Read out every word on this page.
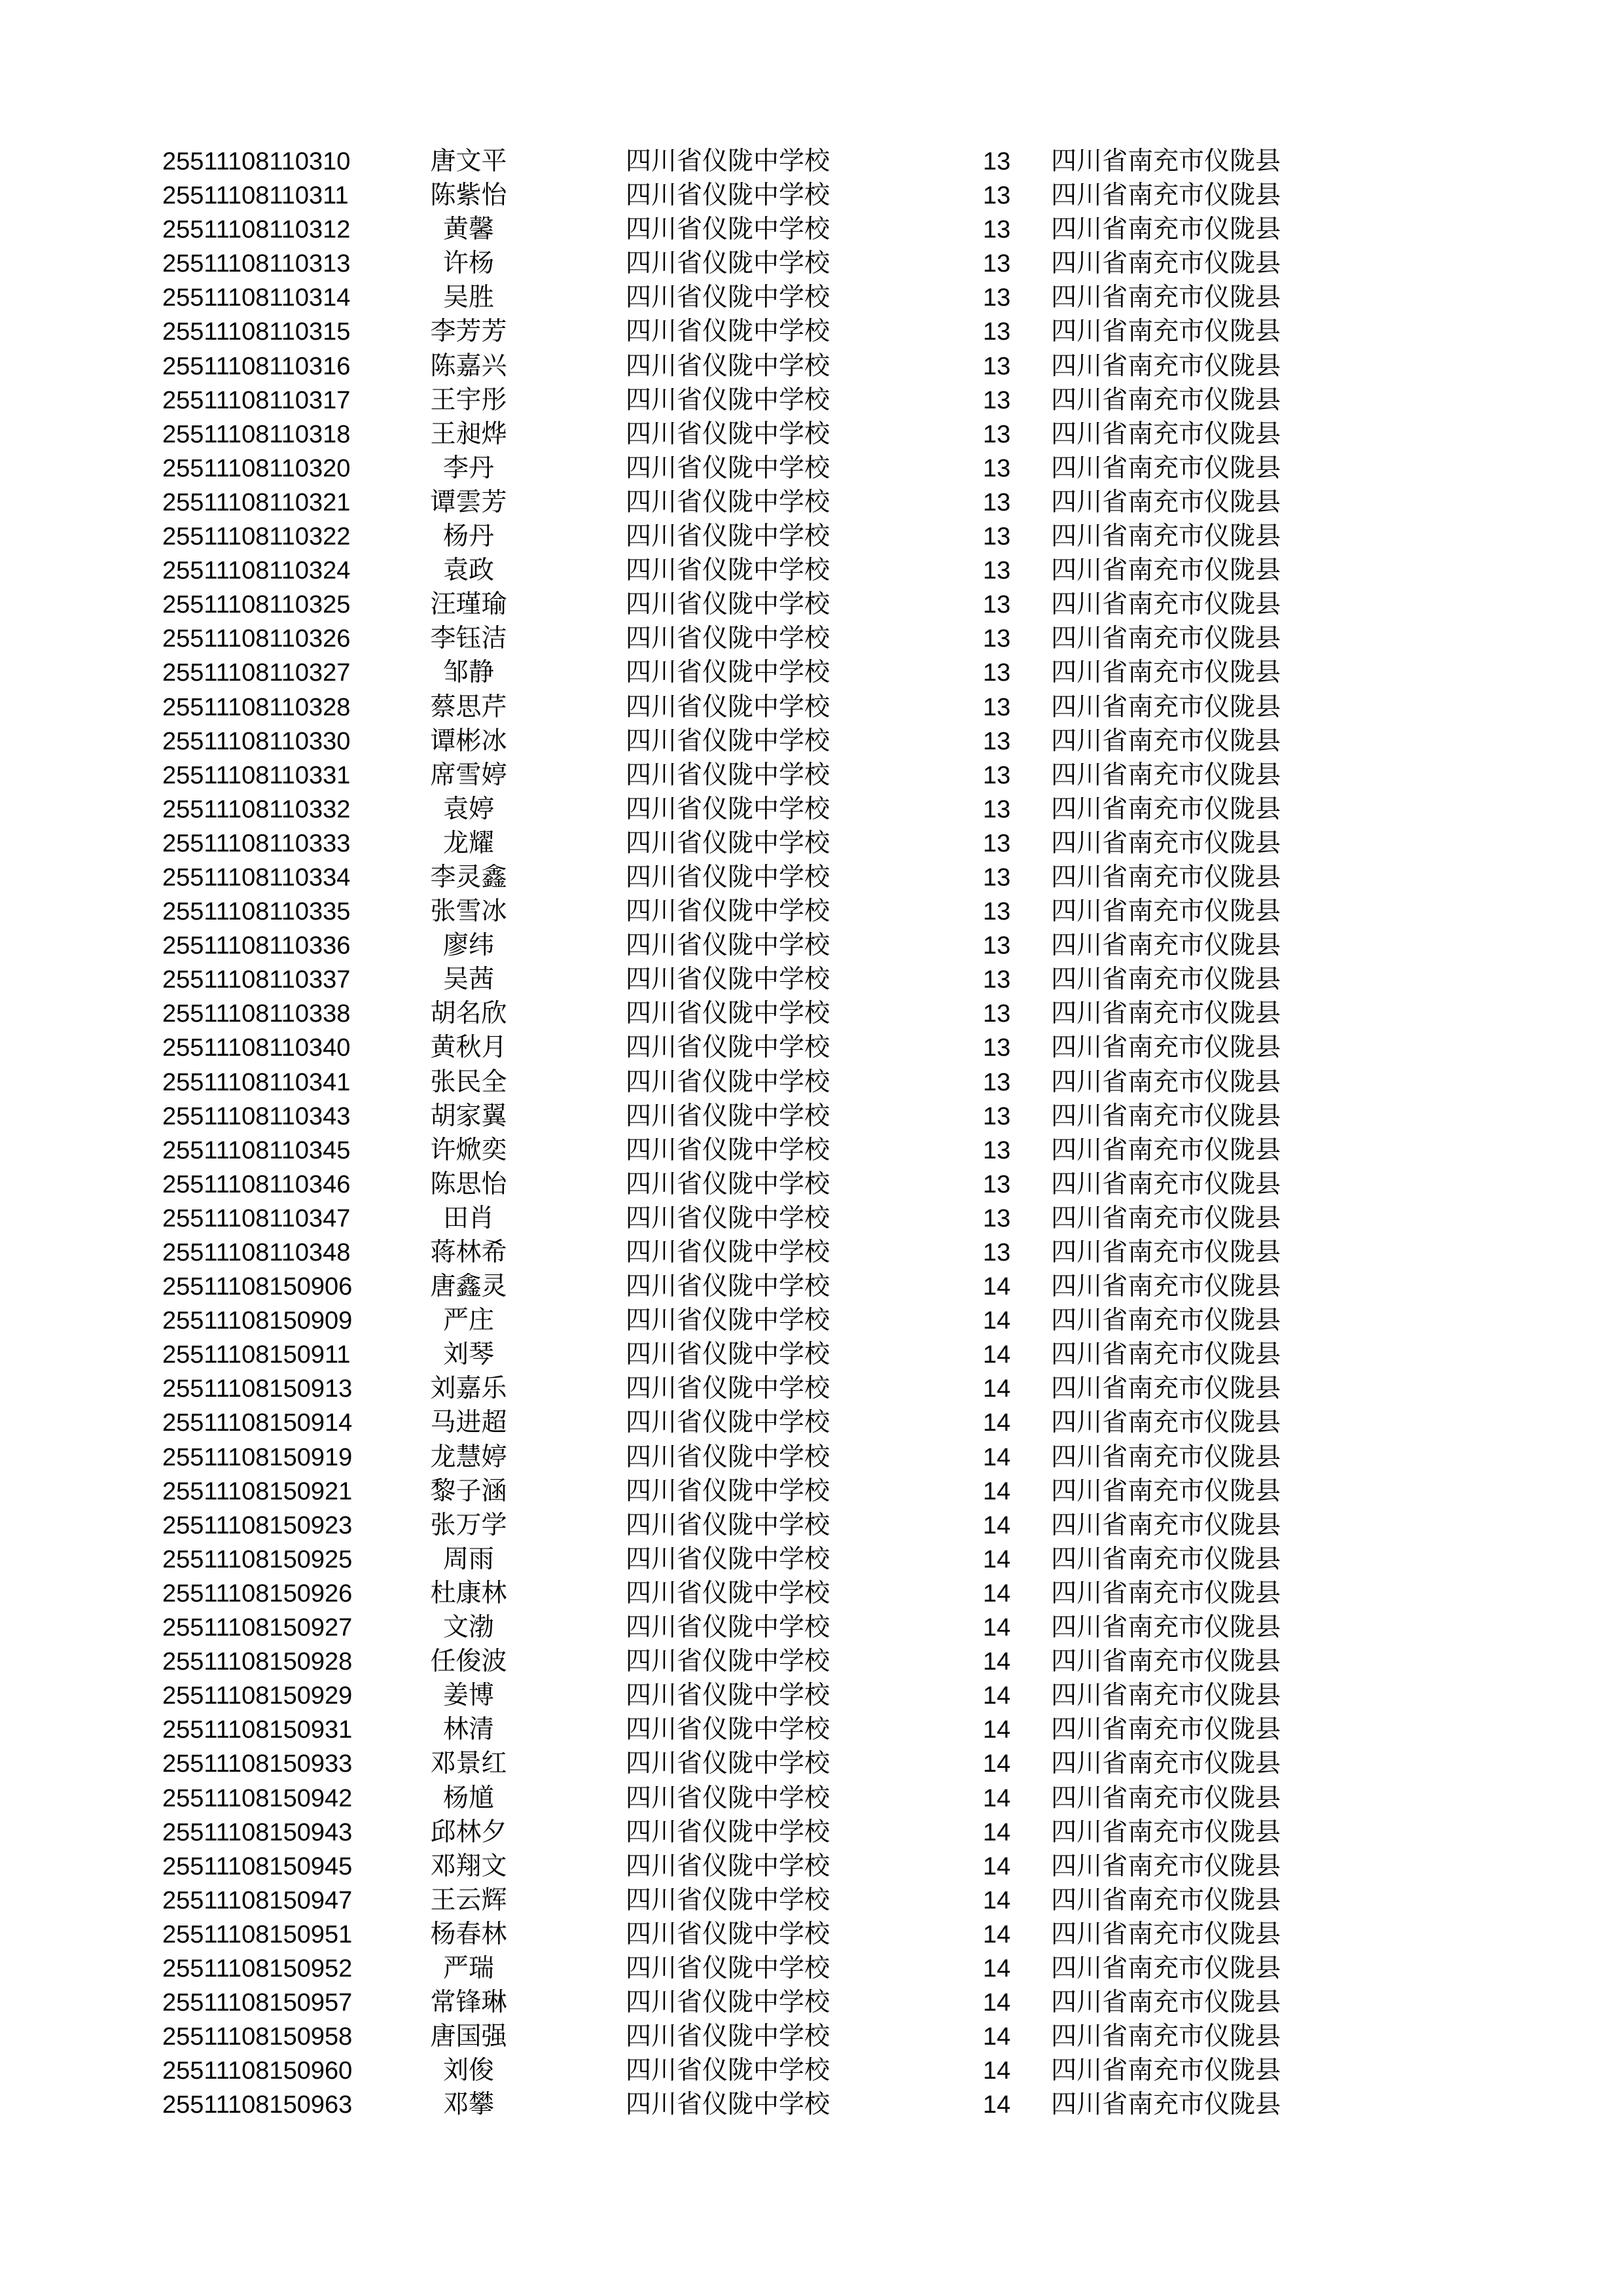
25511108110310	唐文平	四川省仪陇中学校	13	四川省南充市仪陇县
25511108110311	陈紫怡	四川省仪陇中学校	13	四川省南充市仪陇县
25511108110312	黄馨	四川省仪陇中学校	13	四川省南充市仪陇县
25511108110313	许杨	四川省仪陇中学校	13	四川省南充市仪陇县
25511108110314	吴胜	四川省仪陇中学校	13	四川省南充市仪陇县
25511108110315	李芳芳	四川省仪陇中学校	13	四川省南充市仪陇县
25511108110316	陈嘉兴	四川省仪陇中学校	13	四川省南充市仪陇县
25511108110317	王宇彤	四川省仪陇中学校	13	四川省南充市仪陇县
25511108110318	王昶烨	四川省仪陇中学校	13	四川省南充市仪陇县
25511108110320	李丹	四川省仪陇中学校	13	四川省南充市仪陇县
25511108110321	谭雲芳	四川省仪陇中学校	13	四川省南充市仪陇县
25511108110322	杨丹	四川省仪陇中学校	13	四川省南充市仪陇县
25511108110324	袁政	四川省仪陇中学校	13	四川省南充市仪陇县
25511108110325	汪瑾瑜	四川省仪陇中学校	13	四川省南充市仪陇县
25511108110326	李钰洁	四川省仪陇中学校	13	四川省南充市仪陇县
25511108110327	邹静	四川省仪陇中学校	13	四川省南充市仪陇县
25511108110328	蔡思芹	四川省仪陇中学校	13	四川省南充市仪陇县
25511108110330	谭彬冰	四川省仪陇中学校	13	四川省南充市仪陇县
25511108110331	席雪婷	四川省仪陇中学校	13	四川省南充市仪陇县
25511108110332	袁婷	四川省仪陇中学校	13	四川省南充市仪陇县
25511108110333	龙耀	四川省仪陇中学校	13	四川省南充市仪陇县
25511108110334	李灵鑫	四川省仪陇中学校	13	四川省南充市仪陇县
25511108110335	张雪冰	四川省仪陇中学校	13	四川省南充市仪陇县
25511108110336	廖纬	四川省仪陇中学校	13	四川省南充市仪陇县
25511108110337	吴茜	四川省仪陇中学校	13	四川省南充市仪陇县
25511108110338	胡名欣	四川省仪陇中学校	13	四川省南充市仪陇县
25511108110340	黄秋月	四川省仪陇中学校	13	四川省南充市仪陇县
25511108110341	张民全	四川省仪陇中学校	13	四川省南充市仪陇县
25511108110343	胡家翼	四川省仪陇中学校	13	四川省南充市仪陇县
25511108110345	许焮奕	四川省仪陇中学校	13	四川省南充市仪陇县
25511108110346	陈思怡	四川省仪陇中学校	13	四川省南充市仪陇县
25511108110347	田肖	四川省仪陇中学校	13	四川省南充市仪陇县
25511108110348	蒋林希	四川省仪陇中学校	13	四川省南充市仪陇县
25511108150906	唐鑫灵	四川省仪陇中学校	14	四川省南充市仪陇县
25511108150909	严庄	四川省仪陇中学校	14	四川省南充市仪陇县
25511108150911	刘琴	四川省仪陇中学校	14	四川省南充市仪陇县
25511108150913	刘嘉乐	四川省仪陇中学校	14	四川省南充市仪陇县
25511108150914	马进超	四川省仪陇中学校	14	四川省南充市仪陇县
25511108150919	龙慧婷	四川省仪陇中学校	14	四川省南充市仪陇县
25511108150921	黎子涵	四川省仪陇中学校	14	四川省南充市仪陇县
25511108150923	张万学	四川省仪陇中学校	14	四川省南充市仪陇县
25511108150925	周雨	四川省仪陇中学校	14	四川省南充市仪陇县
25511108150926	杜康林	四川省仪陇中学校	14	四川省南充市仪陇县
25511108150927	文渤	四川省仪陇中学校	14	四川省南充市仪陇县
25511108150928	任俊波	四川省仪陇中学校	14	四川省南充市仪陇县
25511108150929	姜博	四川省仪陇中学校	14	四川省南充市仪陇县
25511108150931	林清	四川省仪陇中学校	14	四川省南充市仪陇县
25511108150933	邓景红	四川省仪陇中学校	14	四川省南充市仪陇县
25511108150942	杨馗	四川省仪陇中学校	14	四川省南充市仪陇县
25511108150943	邱林夕	四川省仪陇中学校	14	四川省南充市仪陇县
25511108150945	邓翔文	四川省仪陇中学校	14	四川省南充市仪陇县
25511108150947	王云辉	四川省仪陇中学校	14	四川省南充市仪陇县
25511108150951	杨春林	四川省仪陇中学校	14	四川省南充市仪陇县
25511108150952	严瑞	四川省仪陇中学校	14	四川省南充市仪陇县
25511108150957	常锋琳	四川省仪陇中学校	14	四川省南充市仪陇县
25511108150958	唐国强	四川省仪陇中学校	14	四川省南充市仪陇县
25511108150960	刘俊	四川省仪陇中学校	14	四川省南充市仪陇县
25511108150963	邓攀	四川省仪陇中学校	14	四川省南充市仪陇县
